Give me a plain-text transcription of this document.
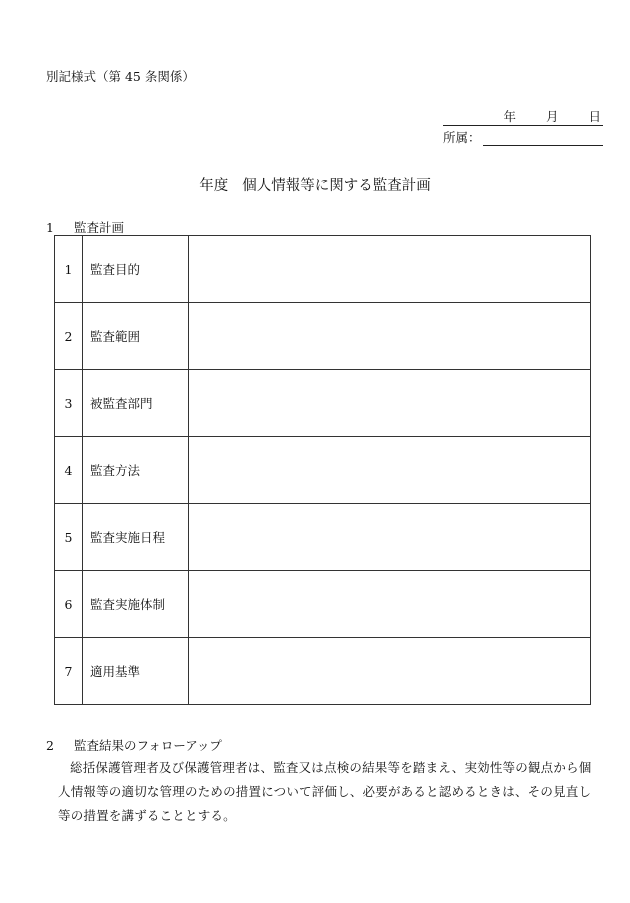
別記様式（第 45 条関係）
年 月 日
所属：
年度 個人情報等に関する監査計画
1 監査計画
1	監査目的	
2	監査範囲	
3	被監査部門	
4	監査方法	
5	監査実施日程	
6	監査実施体制	
7	適用基準	
2 監査結果のフォローアップ
総括保護管理者及び保護管理者は、監査又は点検の結果等を踏まえ、実効性等の観点から個人情報等の適切な管理のための措置について評価し、必要があると認めるときは、その見直し等の措置を講ずることとする。
